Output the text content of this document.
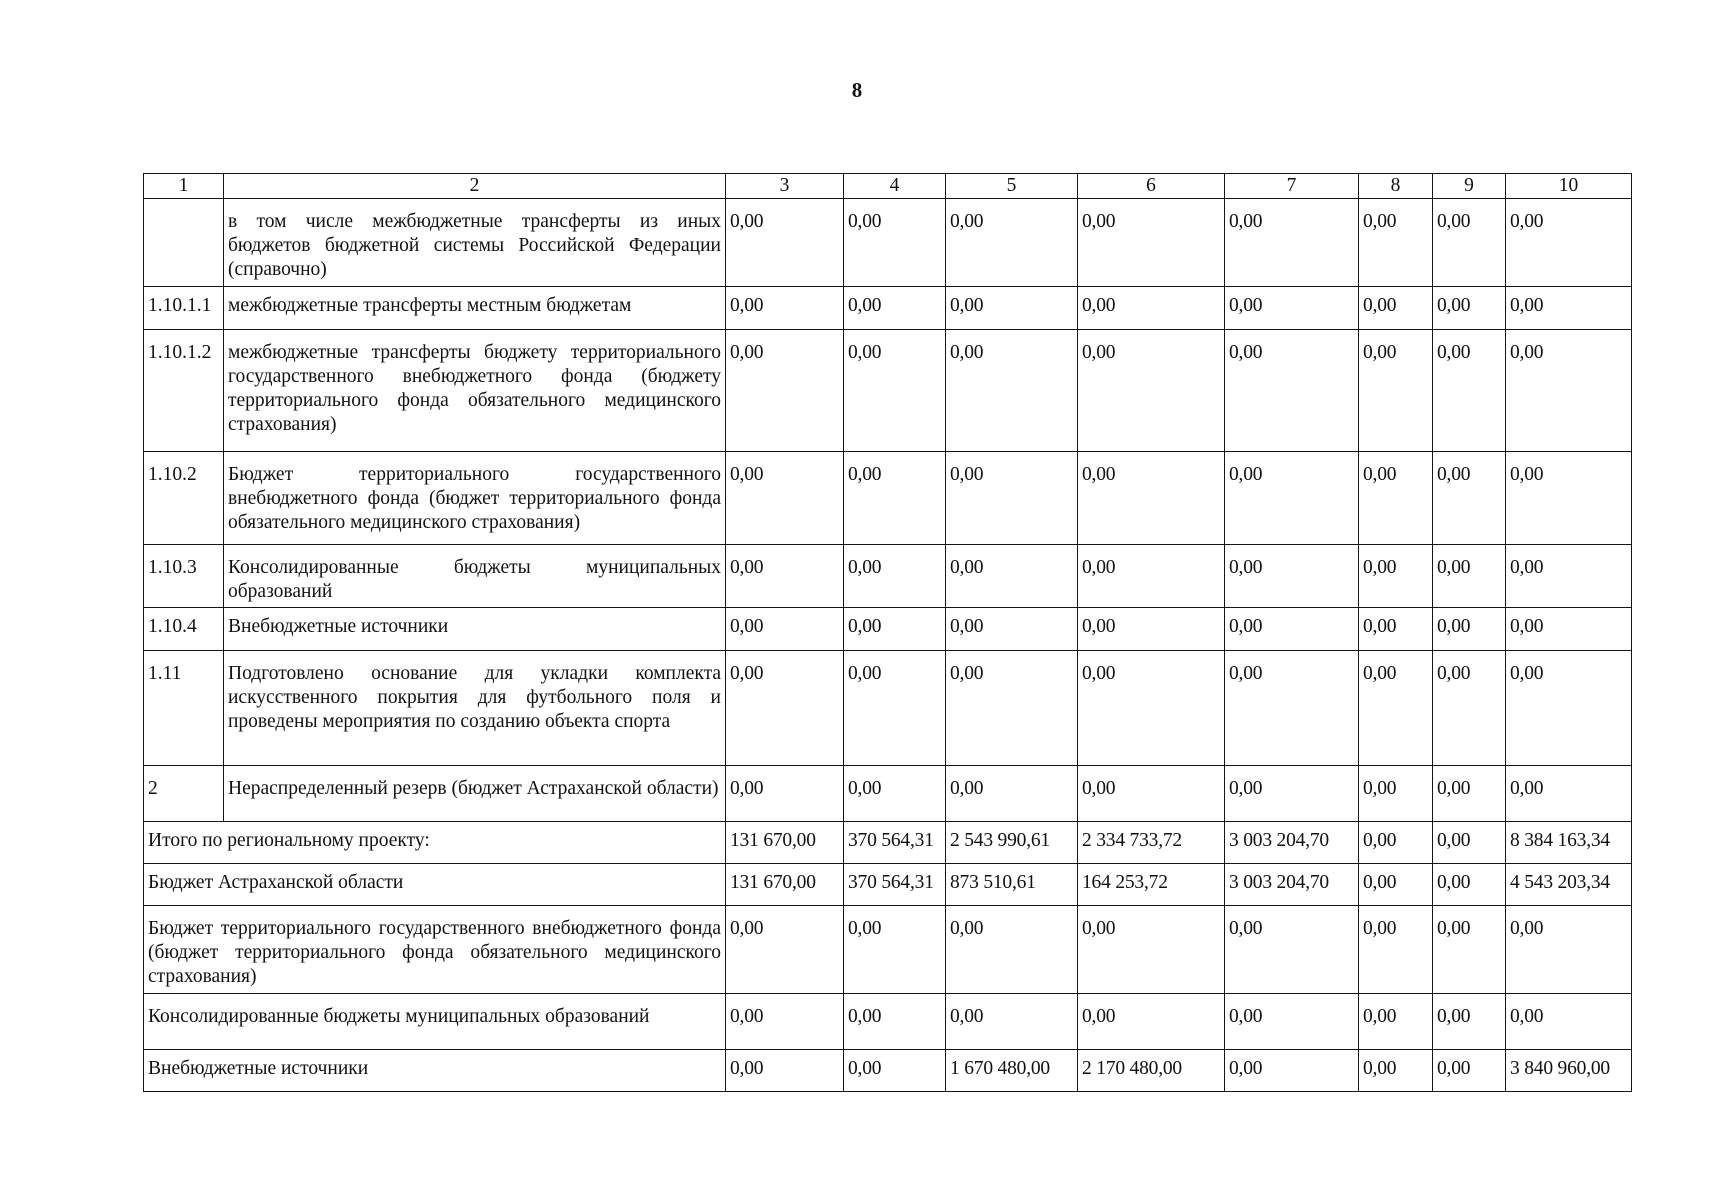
8
1	2	3	4	5	6	7	8	9	10
	в том числе межбюджетные трансферты из иных бюджетов бюджетной системы Российской Федерации (справочно)	0,00	0,00	0,00	0,00	0,00	0,00	0,00	0,00
1.10.1.1	межбюджетные трансферты местным бюджетам	0,00	0,00	0,00	0,00	0,00	0,00	0,00	0,00
1.10.1.2	межбюджетные трансферты бюджету территориального государственного внебюджетного фонда (бюджету территориального фонда обязательного медицинского страхования)	0,00	0,00	0,00	0,00	0,00	0,00	0,00	0,00
1.10.2	Бюджет территориального государственного внебюджетного фонда (бюджет территориального фонда обязательного медицинского страхования)	0,00	0,00	0,00	0,00	0,00	0,00	0,00	0,00
1.10.3	Консолидированные бюджеты муниципальных образований	0,00	0,00	0,00	0,00	0,00	0,00	0,00	0,00
1.10.4	Внебюджетные источники	0,00	0,00	0,00	0,00	0,00	0,00	0,00	0,00
1.11	Подготовлено основание для укладки комплекта искусственного покрытия для футбольного поля и проведены мероприятия по созданию объекта спорта	0,00	0,00	0,00	0,00	0,00	0,00	0,00	0,00
2	Нераспределенный резерв (бюджет Астраханской области)	0,00	0,00	0,00	0,00	0,00	0,00	0,00	0,00
Итого по региональному проекту:		131 670,00	370 564,31	2 543 990,61	2 334 733,72	3 003 204,70	0,00	0,00	8 384 163,34
Бюджет Астраханской области		131 670,00	370 564,31	873 510,61	164 253,72	3 003 204,70	0,00	0,00	4 543 203,34
Бюджет территориального государственного внебюджетного фонда (бюджет территориального фонда обязательного медицинского страхования)		0,00	0,00	0,00	0,00	0,00	0,00	0,00	0,00
Консолидированные бюджеты муниципальных образований		0,00	0,00	0,00	0,00	0,00	0,00	0,00	0,00
Внебюджетные источники		0,00	0,00	1 670 480,00	2 170 480,00	0,00	0,00	0,00	3 840 960,00
